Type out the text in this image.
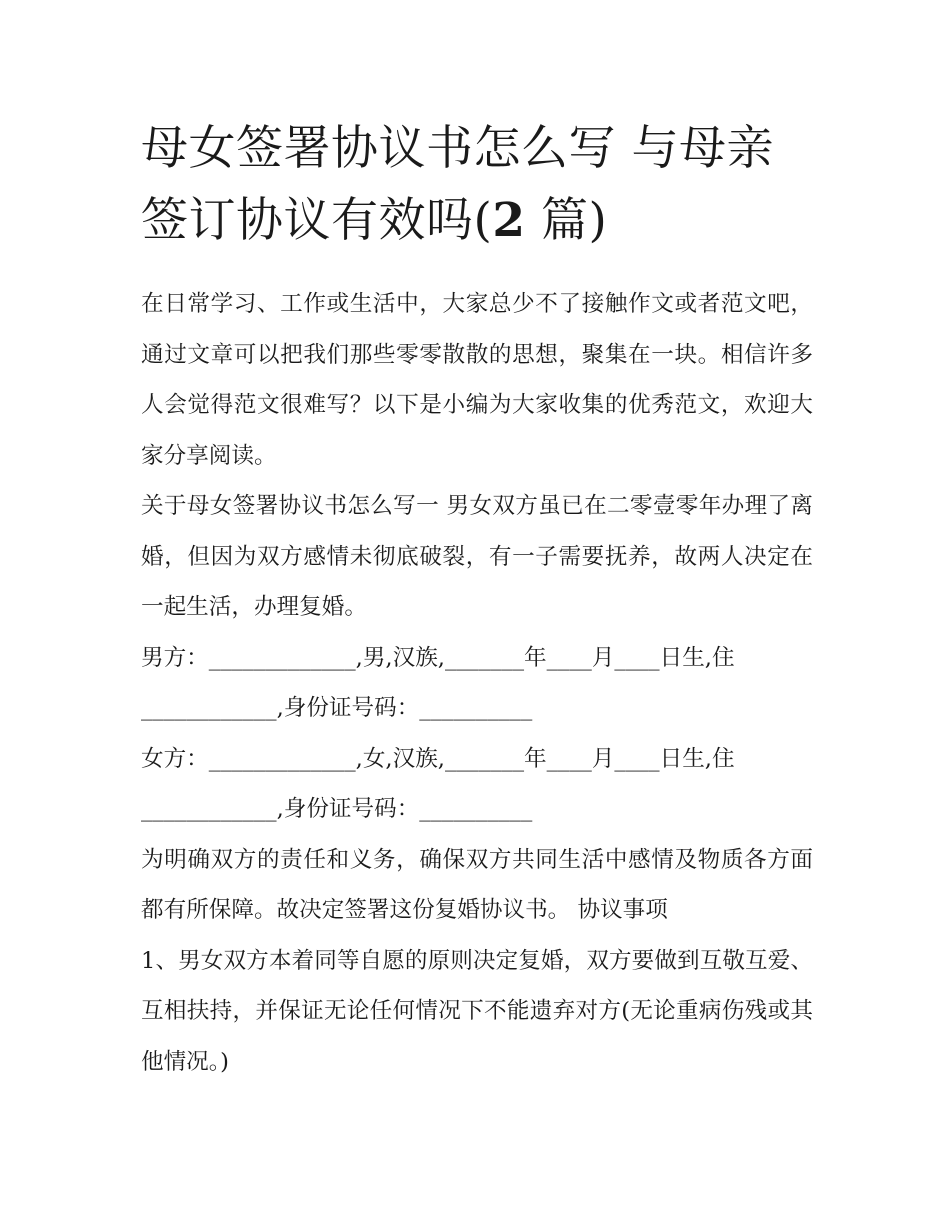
母女签署协议书怎么写 与母亲签订协议有效吗(2 篇)

在日常学习、工作或生活中，大家总少不了接触作文或者范文吧，通过文章可以把我们那些零零散散的思想，聚集在一块。相信许多人会觉得范文很难写？以下是小编为大家收集的优秀范文，欢迎大家分享阅读。

关于母女签署协议书怎么写一 男女双方虽已在二零壹零年办理了离婚，但因为双方感情未彻底破裂，有一子需要抚养，故两人决定在一起生活，办理复婚。

男方：_____________,男,汉族,_______年____月____日生,住

____________,身份证号码：__________

女方：_____________,女,汉族,_______年____月____日生,住

____________,身份证号码：__________

为明确双方的责任和义务，确保双方共同生活中感情及物质各方面都有所保障。故决定签署这份复婚协议书。 协议事项

1、男女双方本着同等自愿的原则决定复婚，双方要做到互敬互爱、互相扶持，并保证无论任何情况下不能遗弃对方(无论重病伤残或其他情况。)
